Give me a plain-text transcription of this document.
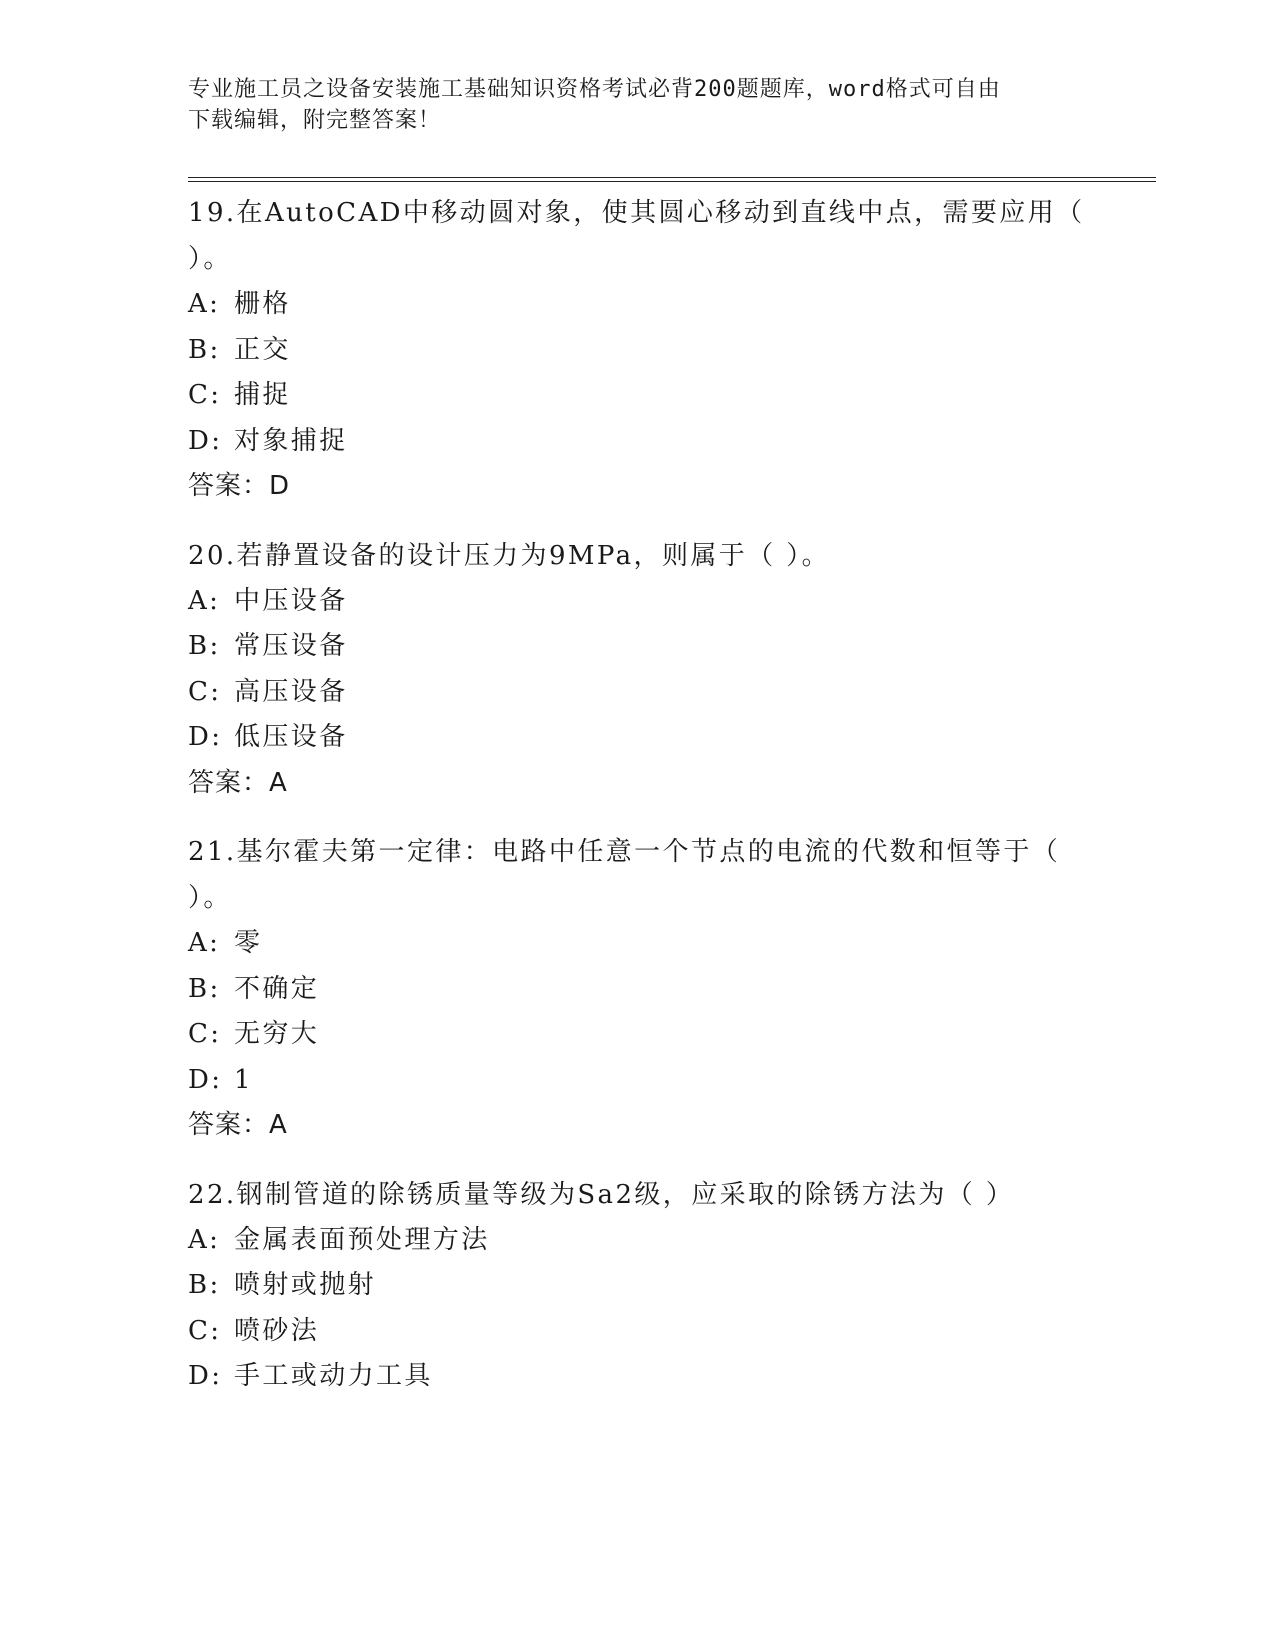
专业施工员之设备安装施工基础知识资格考试必背200题题库，word格式可自由
下载编辑，附完整答案！
19.在AutoCAD中移动圆对象，使其圆心移动到直线中点，需要应用（
）。
A: 栅格
B: 正交
C: 捕捉
D: 对象捕捉
答案：D
20.若静置设备的设计压力为9MPa，则属于（ ）。
A: 中压设备
B: 常压设备
C: 高压设备
D: 低压设备
答案：A
21.基尔霍夫第一定律：电路中任意一个节点的电流的代数和恒等于（
）。
A: 零
B: 不确定
C: 无穷大
D: 1
答案：A
22.钢制管道的除锈质量等级为Sa2级，应采取的除锈方法为（ ）
A: 金属表面预处理方法
B: 喷射或抛射
C: 喷砂法
D: 手工或动力工具
